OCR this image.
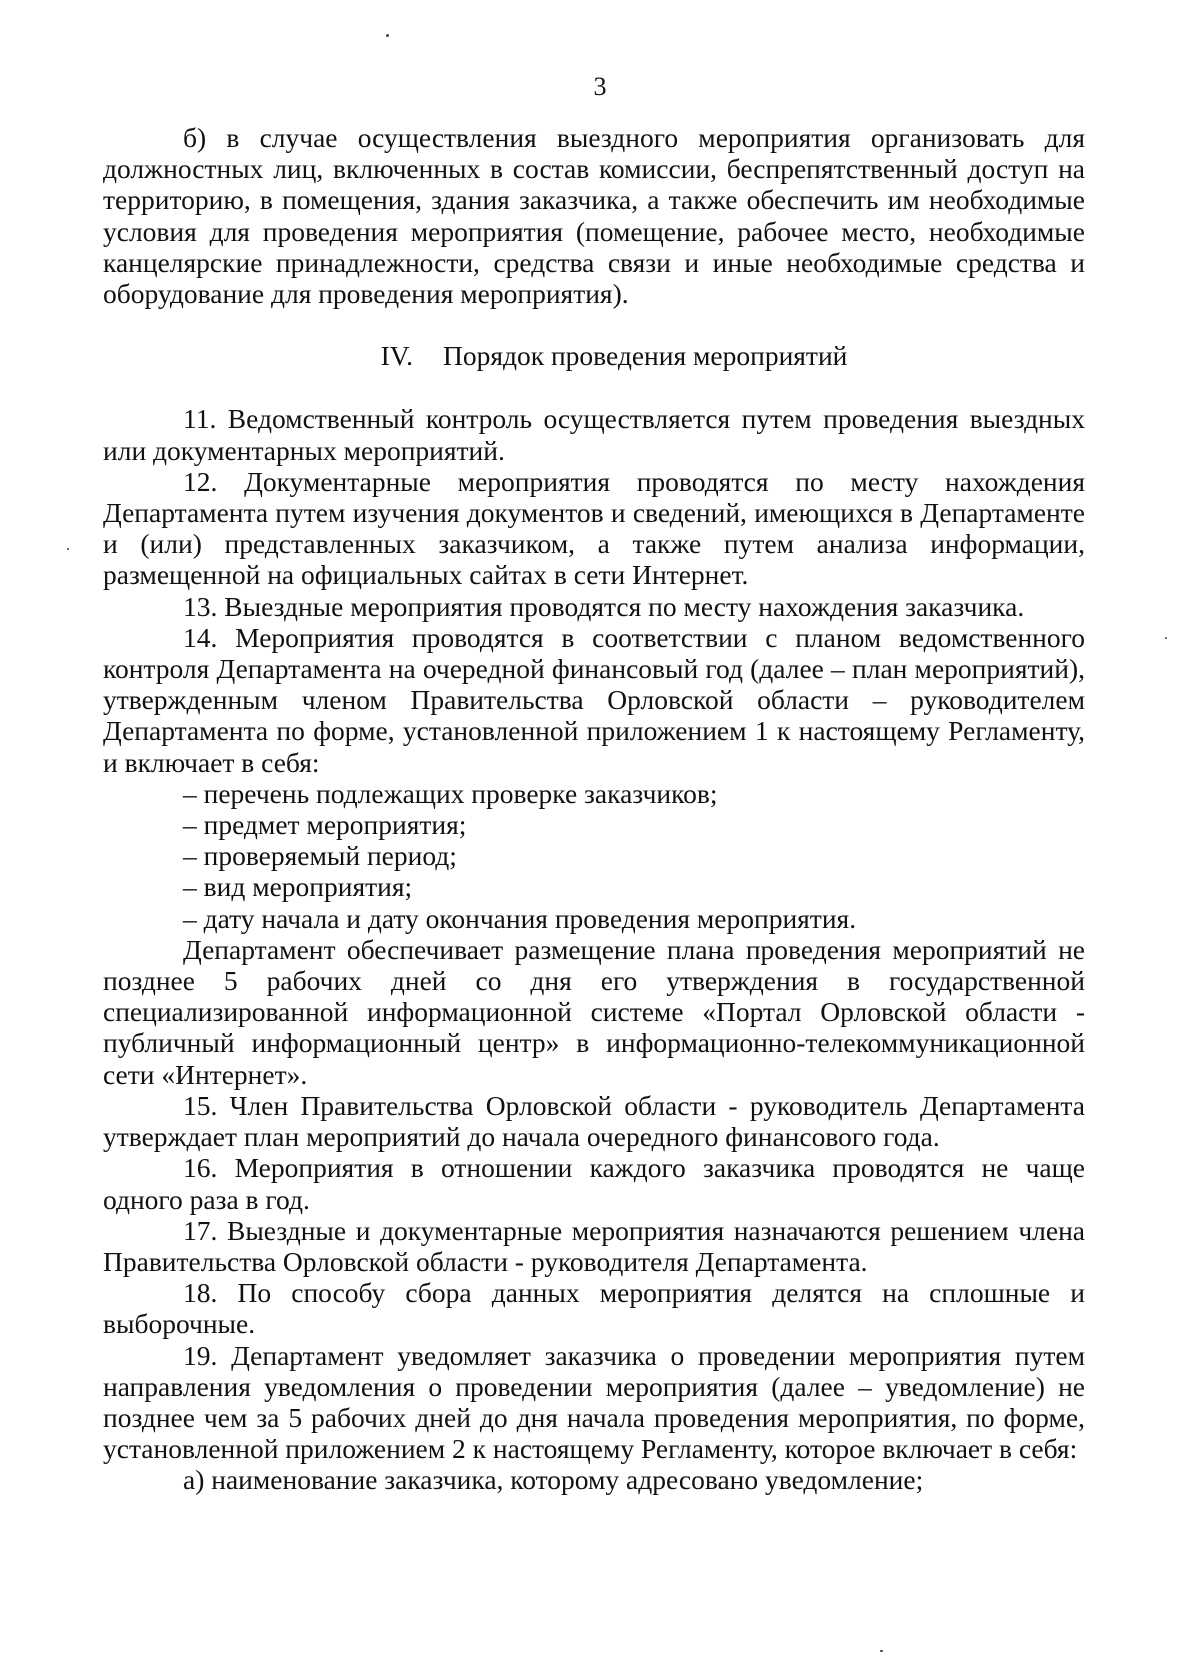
3

б) в случае осуществления выездного мероприятия организовать для должностных лиц, включенных в состав комиссии, беспрепятственный доступ на территорию, в помещения, здания заказчика, а также обеспечить им необходимые условия для проведения мероприятия (помещение, рабочее место, необходимые канцелярские принадлежности, средства связи и иные необходимые средства и оборудование для проведения мероприятия).

IV. Порядок проведения мероприятий

11. Ведомственный контроль осуществляется путем проведения выездных или документарных мероприятий.

12. Документарные мероприятия проводятся по месту нахождения Департамента путем изучения документов и сведений, имеющихся в Департаменте и (или) представленных заказчиком, а также путем анализа информации, размещенной на официальных сайтах в сети Интернет.

13. Выездные мероприятия проводятся по месту нахождения заказчика.

14. Мероприятия проводятся в соответствии с планом ведомственного контроля Департамента на очередной финансовый год (далее – план мероприятий), утвержденным членом Правительства Орловской области – руководителем Департамента по форме, установленной приложением 1 к настоящему Регламенту, и включает в себя:

– перечень подлежащих проверке заказчиков;

– предмет мероприятия;

– проверяемый период;

– вид мероприятия;

– дату начала и дату окончания проведения мероприятия.

Департамент обеспечивает размещение плана проведения мероприятий не позднее 5 рабочих дней со дня его утверждения в государственной специализированной информационной системе «Портал Орловской области - публичный информационный центр» в информационно-телекоммуникационной сети «Интернет».

15. Член Правительства Орловской области - руководитель Департамента утверждает план мероприятий до начала очередного финансового года.

16. Мероприятия в отношении каждого заказчика проводятся не чаще одного раза в год.

17. Выездные и документарные мероприятия назначаются решением члена Правительства Орловской области - руководителя Департамента.

18. По способу сбора данных мероприятия делятся на сплошные и выборочные.

19. Департамент уведомляет заказчика о проведении мероприятия путем направления уведомления о проведении мероприятия (далее – уведомление) не позднее чем за 5 рабочих дней до дня начала проведения мероприятия, по форме, установленной приложением 2 к настоящему Регламенту, которое включает в себя:

а) наименование заказчика, которому адресовано уведомление;
